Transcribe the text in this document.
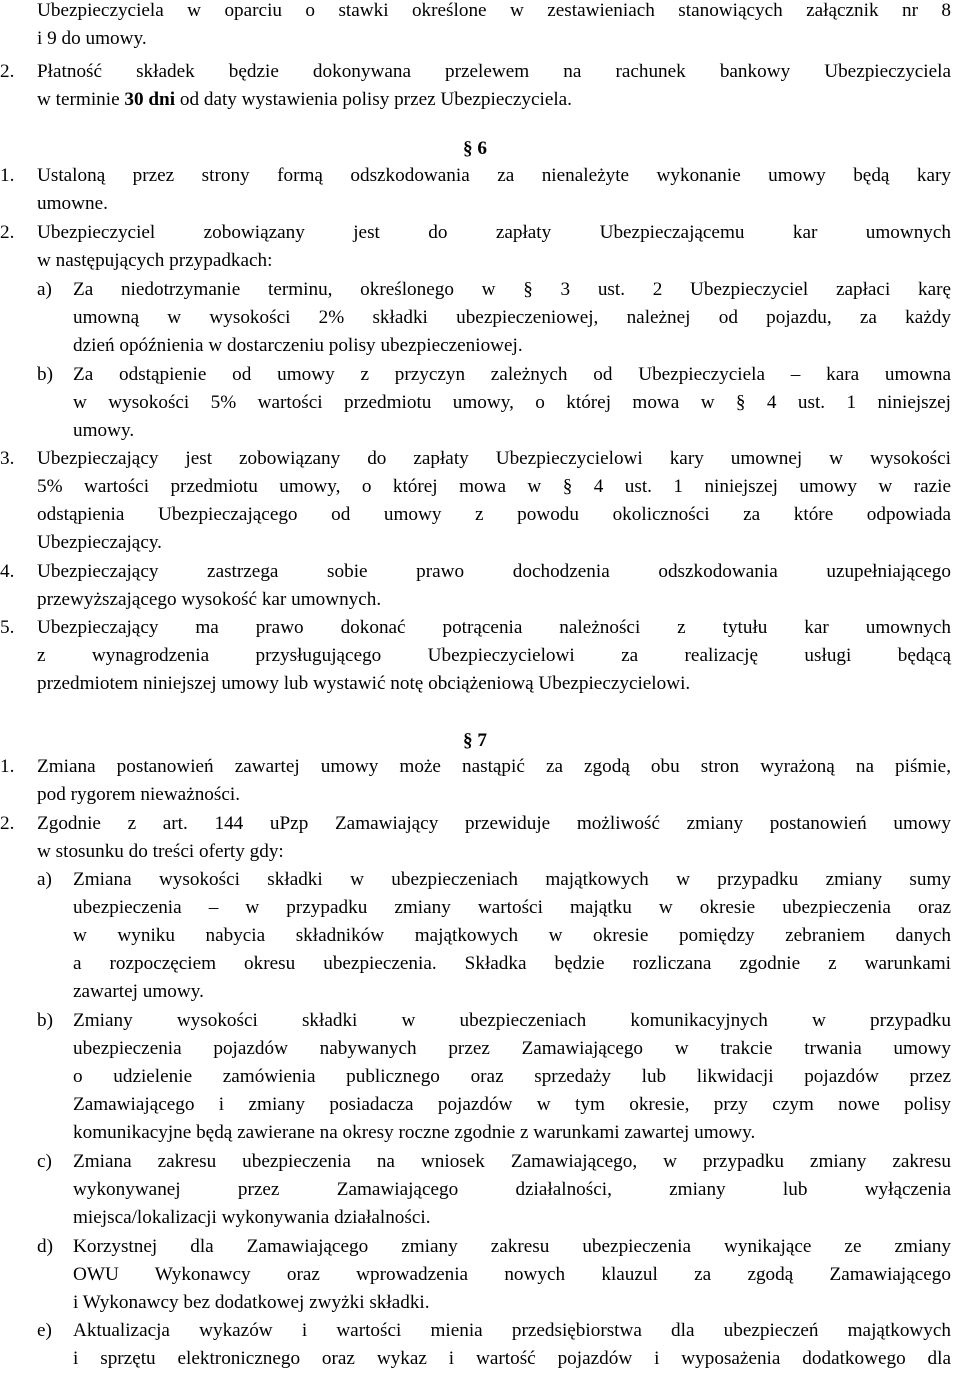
Ubezpieczyciela w oparciu o stawki określone w zestawieniach stanowiących załącznik nr 8
i 9 do umowy.
2. Płatność składek będzie dokonywana przelewem na rachunek bankowy Ubezpieczyciela
w terminie 30 dni od daty wystawienia polisy przez Ubezpieczyciela.
§ 6
1. Ustaloną przez strony formą odszkodowania za nienależyte wykonanie umowy będą kary
umowne.
2. Ubezpieczyciel zobowiązany jest do zapłaty Ubezpieczającemu kar umownych
w następujących przypadkach:
a) Za niedotrzymanie terminu, określonego w § 3 ust. 2 Ubezpieczyciel zapłaci karę
umowną w wysokości 2% składki ubezpieczeniowej, należnej od pojazdu, za każdy
dzień opóźnienia w dostarczeniu polisy ubezpieczeniowej.
b) Za odstąpienie od umowy z przyczyn zależnych od Ubezpieczyciela – kara umowna
w wysokości 5% wartości przedmiotu umowy, o której mowa w § 4 ust. 1 niniejszej
umowy.
3. Ubezpieczający jest zobowiązany do zapłaty Ubezpieczycielowi kary umownej w wysokości
5% wartości przedmiotu umowy, o której mowa w § 4 ust. 1 niniejszej umowy w razie
odstąpienia Ubezpieczającego od umowy z powodu okoliczności za które odpowiada
Ubezpieczający.
4. Ubezpieczający zastrzega sobie prawo dochodzenia odszkodowania uzupełniającego
przewyższającego wysokość kar umownych.
5. Ubezpieczający ma prawo dokonać potrącenia należności z tytułu kar umownych
z wynagrodzenia przysługującego Ubezpieczycielowi za realizację usługi będącą
przedmiotem niniejszej umowy lub wystawić notę obciążeniową Ubezpieczycielowi.
§ 7
1. Zmiana postanowień zawartej umowy może nastąpić za zgodą obu stron wyrażoną na piśmie,
pod rygorem nieważności.
2. Zgodnie z art. 144 uPzp Zamawiający przewiduje możliwość zmiany postanowień umowy
w stosunku do treści oferty gdy:
a) Zmiana wysokości składki w ubezpieczeniach majątkowych w przypadku zmiany sumy
ubezpieczenia – w przypadku zmiany wartości majątku w okresie ubezpieczenia oraz
w wyniku nabycia składników majątkowych w okresie pomiędzy zebraniem danych
a rozpoczęciem okresu ubezpieczenia. Składka będzie rozliczana zgodnie z warunkami
zawartej umowy.
b) Zmiany wysokości składki w ubezpieczeniach komunikacyjnych w przypadku
ubezpieczenia pojazdów nabywanych przez Zamawiającego w trakcie trwania umowy
o udzielenie zamówienia publicznego oraz sprzedaży lub likwidacji pojazdów przez
Zamawiającego i zmiany posiadacza pojazdów w tym okresie, przy czym nowe polisy
komunikacyjne będą zawierane na okresy roczne zgodnie z warunkami zawartej umowy.
c) Zmiana zakresu ubezpieczenia na wniosek Zamawiającego, w przypadku zmiany zakresu
wykonywanej przez Zamawiającego działalności, zmiany lub wyłączenia
miejsca/lokalizacji wykonywania działalności.
d) Korzystnej dla Zamawiającego zmiany zakresu ubezpieczenia wynikające ze zmiany
OWU Wykonawcy oraz wprowadzenia nowych klauzul za zgodą Zamawiającego
i Wykonawcy bez dodatkowej zwyżki składki.
e) Aktualizacja wykazów i wartości mienia przedsiębiorstwa dla ubezpieczeń majątkowych
i sprzętu elektronicznego oraz wykaz i wartość pojazdów i wyposażenia dodatkowego dla
